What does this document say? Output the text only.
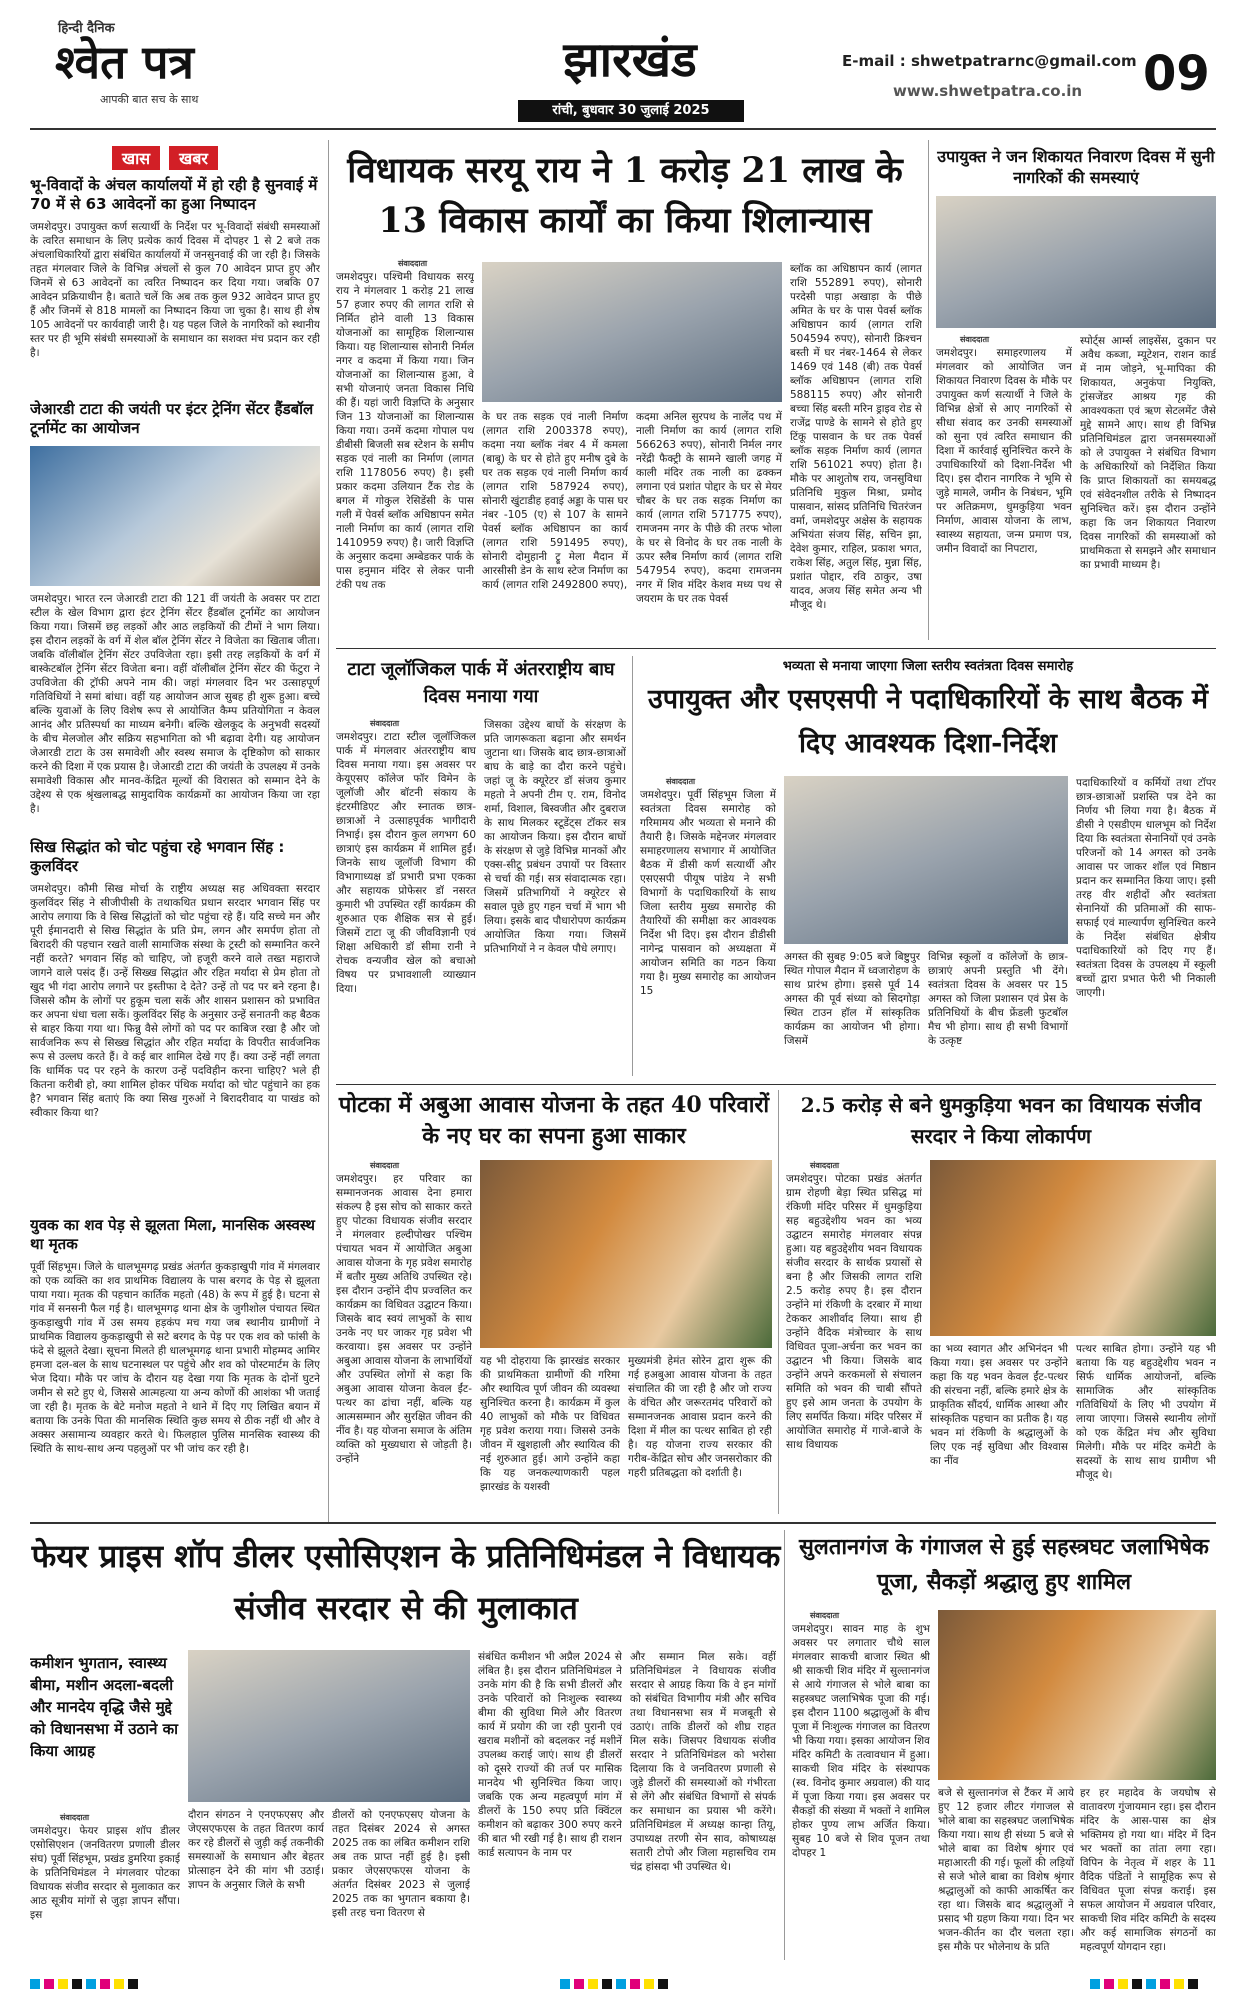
हिन्दी दैनिक
श्वेत पत्र
आपकी बात सच के साथ
झारखंड
रांची, बुधवार 30 जुलाई 2025
E-mail : shwetpatrarnc@gmail.com
www.shwetpatra.co.in 09
खास खबर
भू-विवादों के अंचल कार्यालयों में हो रही है सुनवाई में 70 में से 63 आवेदनों का हुआ निष्पादन
जमशेदपुर। उपायुक्त कर्ण सत्यार्थी के निर्देश पर भू-विवादों संबंधी समस्याओं के त्वरित समाधान के लिए प्रत्येक कार्य दिवस में दोपहर 1 से 2 बजे तक अंचलाधिकारियों द्वारा संबंधित कार्यालयों में जनसुनवाई की जा रही है। जिसके तहत मंगलवार जिले के विभिन्न अंचलों से कुल 70 आवेदन प्राप्त हुए और जिनमें से 63 आवेदनों का त्वरित निष्पादन कर दिया गया। जबकि 07 आवेदन प्रक्रियाधीन है। बताते चलें कि अब तक कुल 932 आवेदन प्राप्त हुए हैं और जिनमें से 818 मामलों का निष्पादन किया जा चुका है। साथ ही शेष 105 आवेदनों पर कार्यवाही जारी है। यह पहल जिले के नागरिकों को स्थानीय स्तर पर ही भूमि संबंधी समस्याओं के समाधान का सशक्त मंच प्रदान कर रही है।
जेआरडी टाटा की जयंती पर इंटर ट्रेनिंग सेंटर हैंडबॉल टूर्नामेंट का आयोजन
जमशेदपुर। भारत रत्न जेआरडी टाटा की 121 वीं जयंती के अवसर पर टाटा स्टील के खेल विभाग द्वारा इंटर ट्रेनिंग सेंटर हैंडबॉल टूर्नामेंट का आयोजन किया गया। जिसमें छह लड़कों और आठ लड़कियों की टीमों ने भाग लिया। इस दौरान लड़कों के वर्ग में शेल बॉल ट्रेनिंग सेंटर ने विजेता का खिताब जीता। जबकि वॉलीबॉल ट्रेनिंग सेंटर उपविजेता रहा। इसी तरह लड़कियों के वर्ग में बास्केटबॉल ट्रेनिंग सेंटर विजेता बना। वहीं वॉलीबॉल ट्रेनिंग सेंटर की फेंटुरा ने उपविजेता की ट्रॉफी अपने नाम की। जहां मंगलवार दिन भर उत्साहपूर्ण गतिविधियों ने समां बांधा। वहीं यह आयोजन आज सुबह ही शुरू हुआ। बच्चे बल्कि युवाओं के लिए विशेष रूप से आयोजित कैम्प प्रतियोगिता न केवल आनंद और प्रतिस्पर्धा का माध्यम बनेगी। बल्कि खेलकूद के अनुभवी सदस्यों के बीच मेलजोल और सक्रिय सहभागिता को भी बढ़ावा देगी। यह आयोजन जेआरडी टाटा के उस समावेशी और स्वस्थ समाज के दृष्टिकोण को साकार करने की दिशा में एक प्रयास है। जेआरडी टाटा की जयंती के उपलक्ष्य में उनके समावेशी विकास और मानव-केंद्रित मूल्यों की विरासत को सम्मान देने के उद्देश्य से एक श्रृंखलाबद्ध सामुदायिक कार्यक्रमों का आयोजन किया जा रहा है।
सिख सिद्धांत को चोट पहुंचा रहे भगवान सिंह : कुलविंदर
जमशेदपुर। कौमी सिख मोर्चा के राष्ट्रीय अध्यक्ष सह अधिवक्ता सरदार कुलविंदर सिंह ने सीजीपीसी के तथाकथित प्रधान सरदार भगवान सिंह पर आरोप लगाया कि वे सिख सिद्धांतों को चोट पहुंचा रहे हैं। यदि सच्चे मन और पूरी ईमानदारी से सिख सिद्धांत के प्रति प्रेम, लगन और समर्पण होता तो बिरादरी की पहचान रखते वाली सामाजिक संस्था के ट्रस्टी को सम्मानित करने नहीं करते? भगवान सिंह को चाहिए, जो हजूरी करने वाले तख्त महाराजे जागने वाले पसंद हैं। उन्हें सिख्ख सिद्धांत और रहित मर्यादा से प्रेम होता तो खुद भी गंदा आरोप लगाने पर इस्तीफा दे देते? उन्हें तो पद पर बने रहना है। जिससे कौम के लोगों पर हुकूम चला सकें और शासन प्रशासन को प्रभावित कर अपना धंधा चला सकें। कुलविंदर सिंह के अनुसार उन्हें सनातनी कह बैठक से बाहर किया गया था। फिन्नु वैसे लोगों को पद पर काबिज रखा है और जो सार्वजनिक रूप से सिख्ख सिद्धांत और रहित मर्यादा के विपरीत सार्वजनिक रूप से उल्लघ करते हैं। वे कई बार शामिल देखे गए हैं। क्या उन्हें नहीं लगता कि धार्मिक पद पर रहने के कारण उन्हें पदविहीन करना चाहिए? भले ही कितना करीबी हो, क्या शामिल होकर पंथिक मर्यादा को चोट पहुंचाने का हक है? भगवान सिंह बताएं कि क्या सिख गुरुओं ने बिरादरीवाद या पाखंड को स्वीकार किया था?
युवक का शव पेड़ से झूलता मिला, मानसिक अस्वस्थ था मृतक
पूर्वी सिंहभूम। जिले के धालभूमगढ़ प्रखंड अंतर्गत कुकड़ाखुपी गांव में मंगलवार को एक व्यक्ति का शव प्राथमिक विद्यालय के पास बरगद के पेड़ से झूलता पाया गया। मृतक की पहचान कार्तिक महतो (48) के रूप में हुई है। घटना से गांव में सनसनी फैल गई है। धालभूमगढ़ थाना क्षेत्र के जुगीशोल पंचायत स्थित कुकड़ाखुपी गांव में उस समय हड़कंप मच गया जब स्थानीय ग्रामीणों ने प्राथमिक विद्यालय कुकड़ाखुपी से सटे बरगद के पेड़ पर एक शव को फांसी के फंदे से झूलते देखा। सूचना मिलते ही धालभूमगढ़ थाना प्रभारी मोहम्मद आमिर हमजा दल-बल के साथ घटनास्थल पर पहुंचे और शव को पोस्टमार्टम के लिए भेज दिया। मौके पर जांच के दौरान यह देखा गया कि मृतक के दोनों घुटने जमीन से सटे हुए थे, जिससे आत्महत्या या अन्य कोणों की आशंका भी जताई जा रही है। मृतक के बेटे मनोज महतो ने थाने में दिए गए लिखित बयान में बताया कि उनके पिता की मानसिक स्थिति कुछ समय से ठीक नहीं थी और वे अक्सर असामान्य व्यवहार करते थे। फिलहाल पुलिस मानसिक स्वास्थ्य की स्थिति के साथ-साथ अन्य पहलुओं पर भी जांच कर रही है।
विधायक सरयू राय ने 1 करोड़ 21 लाख के 13 विकास कार्यों का किया शिलान्यास
संवाददाता
जमशेदपुर। पश्चिमी विधायक सरयू राय ने मंगलवार 1 करोड़ 21 लाख 57 हजार रुपए की लागत राशि से निर्मित होने वाली 13 विकास योजनाओं का सामूहिक शिलान्यास किया। यह शिलान्यास सोनारी निर्मल नगर व कदमा में किया गया। जिन योजनाओं का शिलान्यास हुआ, वे सभी योजनाएं जनता विकास निधि की हैं। यहां जारी विज्ञप्ति के अनुसार जिन 13 योजनाओं का शिलान्यास किया गया। उनमें कदमा गोपाल पथ डीबीसी बिजली सब स्टेशन के समीप सड़क एवं नाली का निर्माण (लागत राशि 1178056 रुपए) है। इसी प्रकार कदमा उलियान टैंक रोड के बगल में गोकुल रेसिडेंसी के पास गली में पेवर्स ब्लॉक अधिष्ठापन समेत नाली निर्माण का कार्य (लागत राशि 1410959 रुपए) है। जारी विज्ञप्ति के अनुसार कदमा अम्बेडकर पार्क के पास हनुमान मंदिर से लेकर पानी टंकी पथ तक
के घर तक सड़क एवं नाली निर्माण (लागत राशि 2003378 रुपए), कदमा नया ब्लॉक नंबर 4 में कमला (बाबू) के घर से होते हुए मनीष दुबे के घर तक सड़क एवं नाली निर्माण कार्य (लागत राशि 587924 रुपए), सोनारी खुंटाडीह हवाई अड्डा के पास घर नंबर -105 (ए) से 107 के सामने पेवर्स ब्लॉक अधिष्ठापन का कार्य (लागत राशि 591495 रुपए), सोनारी दोमुहानी ट्रू मेला मैदान में आरसीसी डेन के साथ स्टेज निर्माण का कार्य (लागत राशि 2492800 रुपए),
कदमा अनिल सुरपथ के नालेंद पथ में नाली निर्माण का कार्य (लागत राशि 566263 रुपए), सोनारी निर्मल नगर नरेंद्री फैक्ट्री के सामने खाली जगह में काली मंदिर तक नाली का ढक्कन लगाना एवं प्रशांत पोद्दार के घर से मेयर चौबर के घर तक सड़क निर्माण का कार्य (लागत राशि 571775 रुपए), रामजनम नगर के पीछे की तरफ भोला के घर से विनोद के घर तक नाली के ऊपर स्लैब निर्माण कार्य (लागत राशि 547954 रुपए), कदमा रामजनम नगर में शिव मंदिर केशव मध्य पथ से जयराम के घर तक पेवर्स
ब्लॉक का अधिष्ठापन कार्य (लागत राशि 552891 रुपए), सोनारी परदेसी पाड़ा अखाड़ा के पीछे अमित के घर के पास पेवर्स ब्लॉक अधिष्ठापन कार्य (लागत राशि 504594 रुपए), सोनारी क्रिश्चन बस्ती में घर नंबर-1464 से लेकर 1469 एवं 148 (बी) तक पेवर्स ब्लॉक अधिष्ठापन (लागत राशि 588115 रुपए) और सोनारी बच्चा सिंह बस्ती मरिन ड्राइव रोड से राजेंद्र पाण्डे के सामने से होते हुए टिंकू पासवान के घर तक पेवर्स ब्लॉक सड़क निर्माण कार्य (लागत राशि 561021 रुपए) होता है। मौके पर आशुतोष राय, जनसुविधा प्रतिनिधि मुकुल मिश्रा, प्रमोद पासवान, सांसद प्रतिनिधि चितरंजन वर्मा, जमशेदपुर अक्षेस के सहायक अभियंता संजय सिंह, सचिन झा, देवेश कुमार, राहिल, प्रकाश भगत, राकेश सिंह, अतुल सिंह, मुन्ना सिंह, प्रशांत पोद्दार, रवि ठाकुर, उषा यादव, अजय सिंह समेत अन्य भी मौजूद थे।
उपायुक्त ने जन शिकायत निवारण दिवस में सुनी नागरिकों की समस्याएं
संवाददाता
जमशेदपुर। समाहरणालय में मंगलवार को आयोजित जन शिकायत निवारण दिवस के मौके पर उपायुक्त कर्ण सत्यार्थी ने जिले के विभिन्न क्षेत्रों से आए नागरिकों से सीधा संवाद कर उनकी समस्याओं को सुना एवं त्वरित समाधान की दिशा में कार्रवाई सुनिश्चित करने के उपाधिकारियों को दिशा-निर्देश भी दिए। इस दौरान नागरिक ने भूमि से जुड़े मामले, जमीन के निबंधन, भूमि पर अतिक्रमण, धुमकुड़िया भवन निर्माण, आवास योजना के लाभ, स्वास्थ्य सहायता, जन्म प्रमाण पत्र, जमीन विवादों का निपटारा,
स्पोर्ट्स आर्म्स लाइसेंस, दुकान पर अवैध कब्जा, म्यूटेशन, राशन कार्ड में नाम जोड़ने, भू-मापिका की शिकायत, अनुकंपा नियुक्ति, ट्रांसजेंडर आश्रय गृह की आवश्यकता एवं ऋण सेटलमेंट जैसे मुद्दे सामने आए। साथ ही विभिन्न प्रतिनिधिमंडल द्वारा जनसमस्याओं को ले उपायुक्त ने संबंधित विभाग के अधिकारियों को निर्देशित किया कि प्राप्त शिकायतों का समयबद्ध एवं संवेदनशील तरीके से निष्पादन सुनिश्चित करें। इस दौरान उन्होंने कहा कि जन शिकायत निवारण दिवस नागरिकों की समस्याओं को प्राथमिकता से समझने और समाधान का प्रभावी माध्यम है।
टाटा जूलॉजिकल पार्क में अंतरराष्ट्रीय बाघ दिवस मनाया गया
संवाददाता
जमशेदपुर। टाटा स्टील जूलॉजिकल पार्क में मंगलवार अंतरराष्ट्रीय बाघ दिवस मनाया गया। इस अवसर पर केयूएसए कॉलेज फॉर विमेन के जूलॉजी और बॉटनी संकाय के इंटरमीडिएट और स्नातक छात्र-छात्राओं ने उत्साहपूर्वक भागीदारी निभाई। इस दौरान कुल लगभग 60 छात्राएं इस कार्यक्रम में शामिल हुईं। जिनके साथ जूलॉजी विभाग की विभागाध्यक्ष डॉ प्रभारी प्रभा एकका और सहायक प्रोफेसर डॉ नसरत कुमारी भी उपस्थित रहीं कार्यक्रम की शुरुआत एक शैक्षिक सत्र से हुई। जिसमें टाटा जू की जीवविज्ञानी एवं शिक्षा अधिकारी डॉ सीमा रानी ने रोचक वन्यजीव खेल को बचाओ विषय पर प्रभावशाली व्याख्यान दिया।
जिसका उद्देश्य बाघों के संरक्षण के प्रति जागरूकता बढ़ाना और समर्थन जुटाना था। जिसके बाद छात्र-छात्राओं बाघ के बाड़े का दौरा करने पहुंचे। जहां जू के क्यूरेटर डॉ संजय कुमार महतो ने अपनी टीम ए. राम, विनोद शर्मा, विशाल, बिस्वजीत और दुबराज के साथ मिलकर स्टूडेंट्स टॉकर सत्र का आयोजन किया। इस दौरान बाघों के संरक्षण से जुड़े विभिन्न मानकों और एक्स-सीटू प्रबंधन उपायों पर विस्तार से चर्चा की गई। सत्र संवादात्मक रहा। जिसमें प्रतिभागियों ने क्यूरेटर से सवाल पूछे हुए गहन चर्चा में भाग भी लिया। इसके बाद पौधारोपण कार्यक्रम आयोजित किया गया। जिसमें प्रतिभागियों ने न केवल पौधे लगाए।
भव्यता से मनाया जाएगा जिला स्तरीय स्वतंत्रता दिवस समारोह
उपायुक्त और एसएसपी ने पदाधिकारियों के साथ बैठक में दिए आवश्यक दिशा-निर्देश
संवाददाता
जमशेदपुर। पूर्वी सिंहभूम जिला में स्वतंत्रता दिवस समारोह को गरिमामय और भव्यता से मनाने की तैयारी है। जिसके मद्देनजर मंगलवार समाहरणालय सभागार में आयोजित बैठक में डीसी कर्ण सत्यार्थी और एसएसपी पीयूष पांडेय ने सभी विभागों के पदाधिकारियों के साथ जिला स्तरीय मुख्य समारोह की तैयारियों की समीक्षा कर आवश्यक निर्देश भी दिए। इस दौरान डीडीसी नागेन्द्र पासवान को अध्यक्षता में आयोजन समिति का गठन किया गया है। मुख्य समारोह का आयोजन 15
अगस्त की सुबह 9:05 बजे बिष्टुपुर स्थित गोपाल मैदान में ध्वजारोहण के साथ प्रारंभ होगा। इससे पूर्व 14 अगस्त की पूर्व संध्या को सिदगोड़ा स्थित टाउन हॉल में सांस्कृतिक कार्यक्रम का आयोजन भी होगा। जिसमें
विभिन्न स्कूलों व कॉलेजों के छात्र-छात्राएं अपनी प्रस्तुति भी देंगे। स्वतंत्रता दिवस के अवसर पर 15 अगस्त को जिला प्रशासन एवं प्रेस के प्रतिनिधियों के बीच फ्रेंडली फुटबॉल मैच भी होगा। साथ ही सभी विभागों के उत्कृष्ट
पदाधिकारियों व कर्मियों तथा टॉपर छात्र-छात्राओं प्रशस्ति पत्र देने का निर्णय भी लिया गया है। बैठक में डीसी ने एसडीएम धालभूम को निर्देश दिया कि स्वतंत्रता सेनानियों एवं उनके परिजनों को 14 अगस्त को उनके आवास पर जाकर शॉल एवं मिष्ठान प्रदान कर सम्मानित किया जाए। इसी तरह वीर शहीदों और स्वतंत्रता सेनानियों की प्रतिमाओं की साफ-सफाई एवं माल्यार्पण सुनिश्चित करने के निर्देश संबंधित क्षेत्रीय पदाधिकारियों को दिए गए हैं। स्वतंत्रता दिवस के उपलक्ष्य में स्कूली बच्चों द्वारा प्रभात फेरी भी निकाली जाएगी।
पोटका में अबुआ आवास योजना के तहत 40 परिवारों के नए घर का सपना हुआ साकार
संवाददाता
जमशेदपुर। हर परिवार का सम्मानजनक आवास देना हमारा संकल्प है इस सोच को साकार करते हुए पोटका विधायक संजीव सरदार ने मंगलवार हल्दीपोखर पश्चिम पंचायत भवन में आयोजित अबुआ आवास योजना के गृह प्रवेश समारोह में बतौर मुख्य अतिथि उपस्थित रहे। इस दौरान उन्होंने दीप प्रज्वलित कर कार्यक्रम का विधिवत उद्घाटन किया। जिसके बाद स्वयं लाभुकों के साथ उनके नए घर जाकर गृह प्रवेश भी करवाया। इस अवसर पर उन्होंने अबुआ आवास योजना के लाभार्थियों और उपस्थित लोगों से कहा कि अबुआ आवास योजना केवल ईंट-पत्थर का ढांचा नहीं, बल्कि यह आत्मसम्मान और सुरक्षित जीवन की नींव है। यह योजना समाज के अंतिम व्यक्ति को मुख्यधारा से जोड़ती है। उन्होंने
यह भी दोहराया कि झारखंड सरकार की प्राथमिकता ग्रामीणों की गरिमा और स्थायित्व पूर्ण जीवन की व्यवस्था सुनिश्चित करना है। कार्यक्रम में कुल 40 लाभुकों को मौके पर विधिवत गृह प्रवेश कराया गया। जिससे उनके जीवन में खुशहाली और स्थायित्व की नई शुरुआत हुई। आगे उन्होंने कहा कि यह जनकल्याणकारी पहल झारखंड के यशस्वी
मुख्यमंत्री हेमंत सोरेन द्वारा शुरू की गई हअबुआ आवास योजना के तहत संचालित की जा रही है और जो राज्य के वंचित और जरूरतमंद परिवारों को सम्मानजनक आवास प्रदान करने की दिशा में मील का पत्थर साबित हो रही है। यह योजना राज्य सरकार की गरीब-केंद्रित सोच और जनसरोकार की गहरी प्रतिबद्धता को दर्शाती है।
2.5 करोड़ से बने धुमकुड़िया भवन का विधायक संजीव सरदार ने किया लोकार्पण
संवाददाता
जमशेदपुर। पोटका प्रखंड अंतर्गत ग्राम रोहणी बेड़ा स्थित प्रसिद्ध मां रंकिणी मंदिर परिसर में धुमकुड़िया सह बहुउद्देशीय भवन का भव्य उद्घाटन समारोह मंगलवार संपन्न हुआ। यह बहुउद्देशीय भवन विधायक संजीव सरदार के सार्थक प्रयासों से बना है और जिसकी लागत राशि 2.5 करोड़ रुपए है। इस दौरान उन्होंने मां रंकिणी के दरबार में माथा टेककर आशीर्वाद लिया। साथ ही उन्होंने वैदिक मंत्रोच्चार के साथ विधिवत पूजा-अर्चना कर भवन का उद्घाटन भी किया। जिसके बाद उन्होंने अपने करकमलों से संचालन समिति को भवन की चाबी सौंपते हुए इसे आम जनता के उपयोग के लिए समर्पित किया। मंदिर परिसर में आयोजित समारोह में गाजे-बाजे के साथ विधायक
का भव्य स्वागत और अभिनंदन भी किया गया। इस अवसर पर उन्होंने कहा कि यह भवन केवल ईंट-पत्थर की संरचना नहीं, बल्कि हमारे क्षेत्र के प्राकृतिक सौंदर्य, धार्मिक आस्था और सांस्कृतिक पहचान का प्रतीक है। यह भवन मां रंकिणी के श्रद्धालुओं के लिए एक नई सुविधा और विश्वास का नींव
पत्थर साबित होगा। उन्होंने यह भी बताया कि यह बहुउद्देशीय भवन न सिर्फ धार्मिक आयोजनों, बल्कि सामाजिक और सांस्कृतिक गतिविधियों के लिए भी उपयोग में लाया जाएगा। जिससे स्थानीय लोगों को एक केंद्रित मंच और सुविधा मिलेगी। मौके पर मंदिर कमेटी के सदस्यों के साथ साथ ग्रामीण भी मौजूद थे।
फेयर प्राइस शॉप डीलर एसोसिएशन के प्रतिनिधिमंडल ने विधायक संजीव सरदार से की मुलाकात
कमीशन भुगतान, स्वास्थ्य बीमा, मशीन अदला-बदली और मानदेय वृद्धि जैसे मुद्दे को विधानसभा में उठाने का किया आग्रह
संवाददाता
जमशेदपुर। फेयर प्राइस शॉप डीलर एसोसिएशन (जनवितरण प्रणाली डीलर संघ) पूर्वी सिंहभूम, प्रखंड डुमरिया इकाई के प्रतिनिधिमंडल ने मंगलवार पोटका विधायक संजीव सरदार से मुलाकात कर आठ सूत्रीय मांगों से जुड़ा ज्ञापन सौंपा। इस
दौरान संगठन ने एनएफएसए और जेएसएफएस के तहत वितरण कार्य कर रहे डीलरों से जुड़ी कई तकनीकी समस्याओं के समाधान और बेहतर प्रोत्साहन देने की मांग भी उठाई। ज्ञापन के अनुसार जिले के सभी
डीलरों को एनएफएसए योजना के तहत दिसंबर 2024 से अगस्त 2025 तक का लंबित कमीशन राशि अब तक प्राप्त नहीं हुई है। इसी प्रकार जेएसएफएस योजना के अंतर्गत दिसंबर 2023 से जुलाई 2025 तक का भुगतान बकाया है। इसी तरह चना वितरण से
संबंधित कमीशन भी अप्रैल 2024 से लंबित है। इस दौरान प्रतिनिधिमंडल ने उनके मांग की है कि सभी डीलरों और उनके परिवारों को निःशुल्क स्वास्थ्य बीमा की सुविधा मिले और वितरण कार्य में प्रयोग की जा रही पुरानी एवं खराब मशीनों को बदलकर नई मशीनें उपलब्ध कराई जाएं। साथ ही डीलरों को दूसरे राज्यों की तर्ज पर मासिक मानदेय भी सुनिश्चित किया जाए। जबकि एक अन्य महत्वपूर्ण मांग में डीलरों के 150 रुपए प्रति क्विंटल कमीशन को बढ़ाकर 300 रुपए करने की बात भी रखी गई है। साथ ही राशन कार्ड सत्यापन के नाम पर
और सम्मान मिल सके। वहीं प्रतिनिधिमंडल ने विधायक संजीव सरदार से आग्रह किया कि वे इन मांगों को संबंधित विभागीय मंत्री और सचिव तथा विधानसभा सत्र में मजबूती से उठाएं। ताकि डीलरों को शीघ्र राहत मिल सके। जिसपर विधायक संजीव सरदार ने प्रतिनिधिमंडल को भरोसा दिलाया कि वे जनवितरण प्रणाली से जुड़े डीलरों की समस्याओं को गंभीरता से लेंगे और संबंधित विभागों से संपर्क कर समाधान का प्रयास भी करेंगे। प्रतिनिधिमंडल में अध्यक्ष कान्हा तियू, उपाध्यक्ष तरणी सेन साव, कोषाध्यक्ष सतारी टोपो और जिला महासचिव राम चंद्र हांसदा भी उपस्थित थे।
सुलतानगंज के गंगाजल से हुई सहस्त्रघट जलाभिषेक पूजा, सैकड़ों श्रद्धालु हुए शामिल
संवाददाता
जमशेदपुर। सावन माह के शुभ अवसर पर लगातार चौथे साल मंगलवार साकची बाजार स्थित श्री श्री साकची शिव मंदिर में सुल्तानगंज से आये गंगाजल से भोले बाबा का सहस्त्रघट जलाभिषेक पूजा की गई। इस दौरान 1100 श्रद्धालुओं के बीच पूजा में निःशुल्क गंगाजल का वितरण भी किया गया। इसका आयोजन शिव मंदिर कमिटी के तत्वावधान में हुआ। साकची शिव मंदिर के संस्थापक (स्व. विनोद कुमार अग्रवाल) की याद में पूजा किया गया। इस अवसर पर सैकड़ों की संख्या में भक्तों ने शामिल होकर पुण्य लाभ अर्जित किया। सुबह 10 बजे से शिव पूजन तथा दोपहर 1
बजे से सुल्तानगंज से टैंकर में आये हुए 12 हजार लीटर गंगाजल से भोले बाबा का सहस्त्रघट जलाभिषेक किया गया। साथ ही संध्या 5 बजे से भोले बाबा का विशेष श्रृंगार एवं महाआरती की गई। फूलों की लड़ियों से सजे भोले बाबा का विशेष श्रृंगार श्रद्धालुओं को काफी आकर्षित कर रहा था। जिसके बाद श्रद्धालुओं ने प्रसाद भी ग्रहण किया गया। दिन भर भजन-कीर्तन का दौर चलता रहा। इस मौके पर भोलेनाथ के प्रति
हर हर महादेव के जयघोष से वातावरण गुंजायमान रहा। इस दौरान मंदिर के आस-पास का क्षेत्र भक्तिमय हो गया था। मंदिर में दिन भर भक्तों का तांता लगा रहा। विपिन के नेतृत्व में शहर के 11 वैदिक पंडितों ने सामूहिक रूप से विधिवत पूजा संपन्न कराई। इस सफल आयोजन में अग्रवाल परिवार, साकची शिव मंदिर कमिटी के सदस्य और कई सामाजिक संगठनों का महत्वपूर्ण योगदान रहा।
